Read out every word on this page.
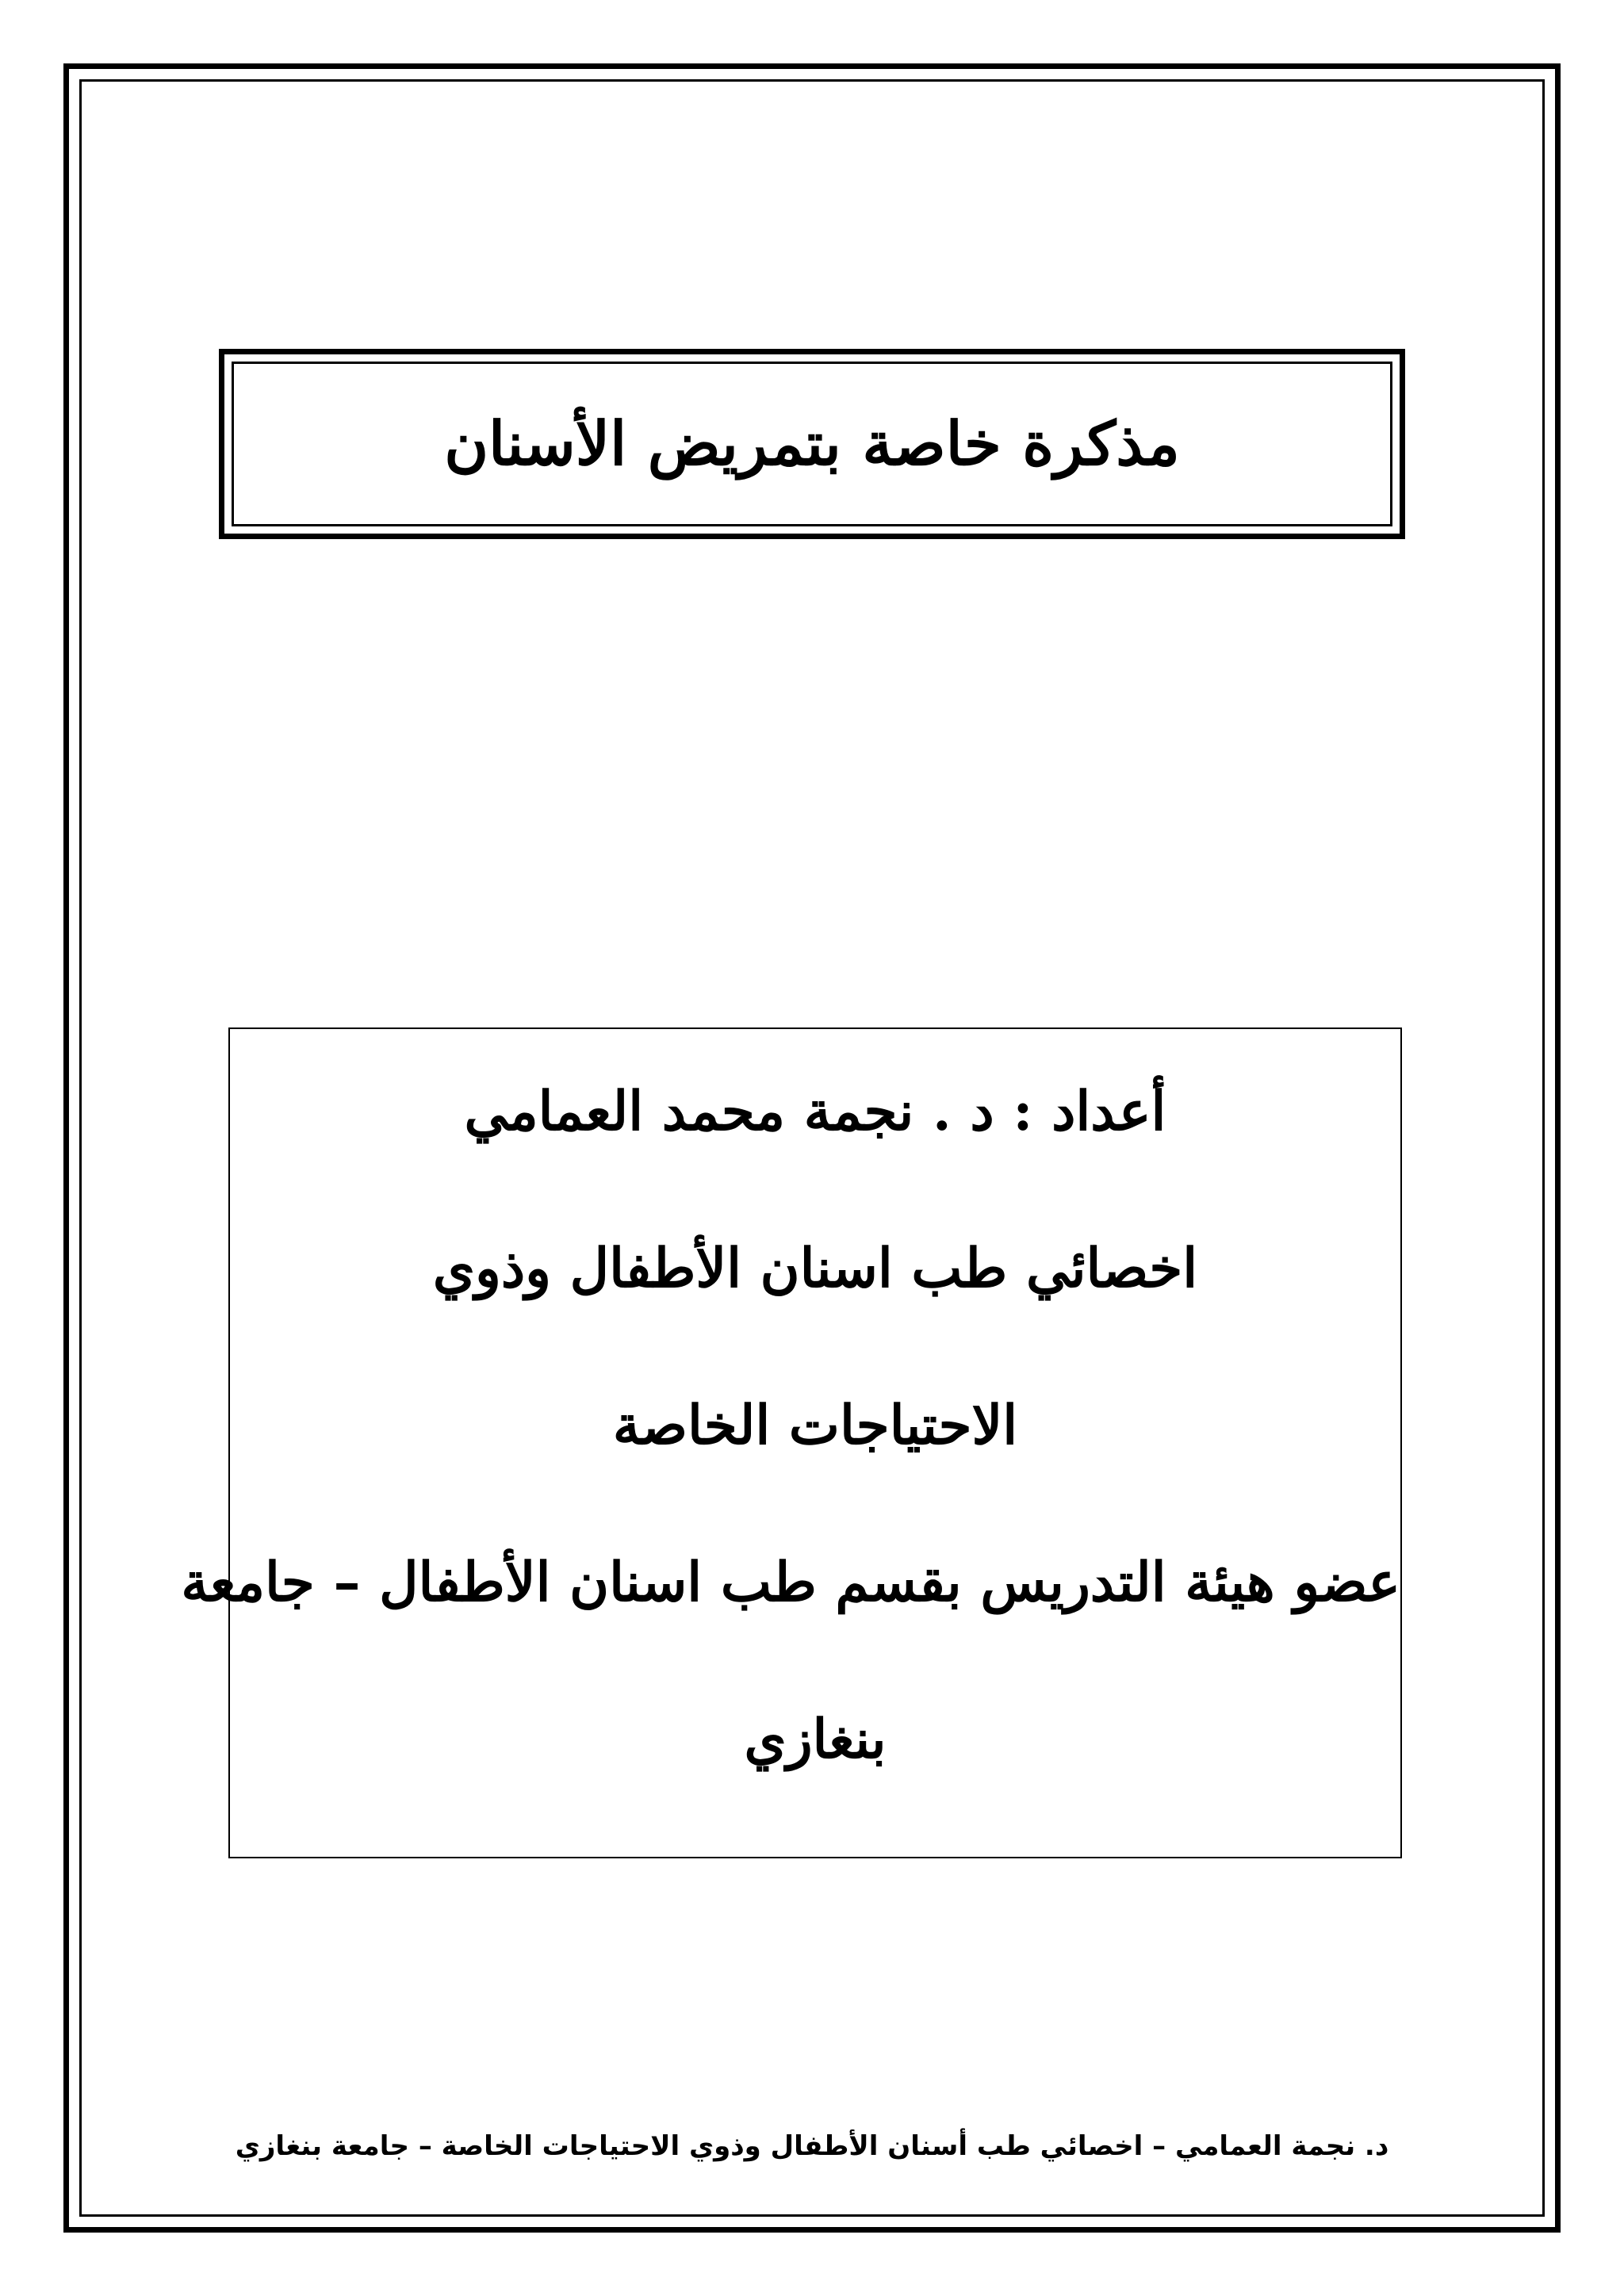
مذكرة خاصة بتمريض الأسنان
أعداد : د . نجمة محمد العمامي
اخصائي طب اسنان الأطفال وذوي
الاحتياجات الخاصة
عضو هيئة التدريس بقسم طب اسنان الأطفال – جامعة
بنغازي
د. نجمة العمامي – اخصائي طب أسنان الأطفال وذوي الاحتياجات الخاصة – جامعة بنغازي
